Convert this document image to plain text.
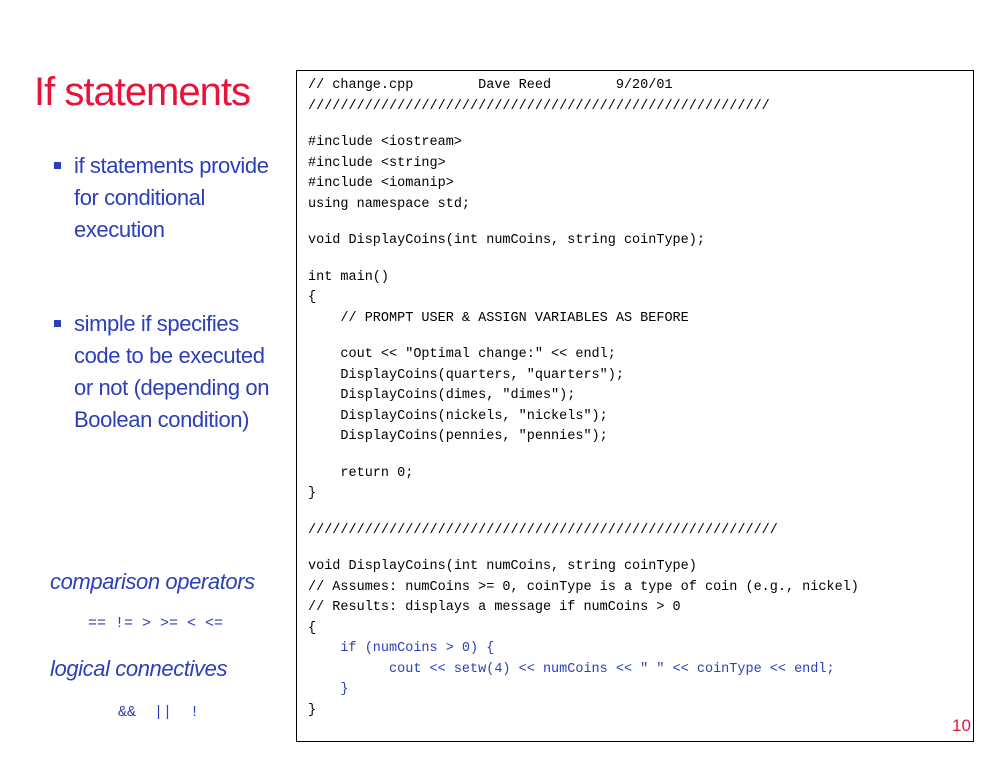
If statements
if statements provide for conditional execution
simple if specifies code to be executed or not (depending on Boolean condition)
comparison operators
== != > >= < <=
logical connectives
&&  ||  !
// change.cpp        Dave Reed        9/20/01
/////////////////////////////////////////////////////////
#include <iostream>
#include <string>
#include <iomanip>
using namespace std;
void DisplayCoins(int numCoins, string coinType);
int main()
{
// PROMPT USER & ASSIGN VARIABLES AS BEFORE
cout << "Optimal change:" << endl;
DisplayCoins(quarters, "quarters");
DisplayCoins(dimes, "dimes");
DisplayCoins(nickels, "nickels");
DisplayCoins(pennies, "pennies");
return 0;
}
//////////////////////////////////////////////////////////
void DisplayCoins(int numCoins, string coinType)
// Assumes: numCoins >= 0, coinType is a type of coin (e.g., nickel)
// Results: displays a message if numCoins > 0
{
if (numCoins > 0) {
cout << setw(4) << numCoins << " " << coinType << endl;
}
}
10
